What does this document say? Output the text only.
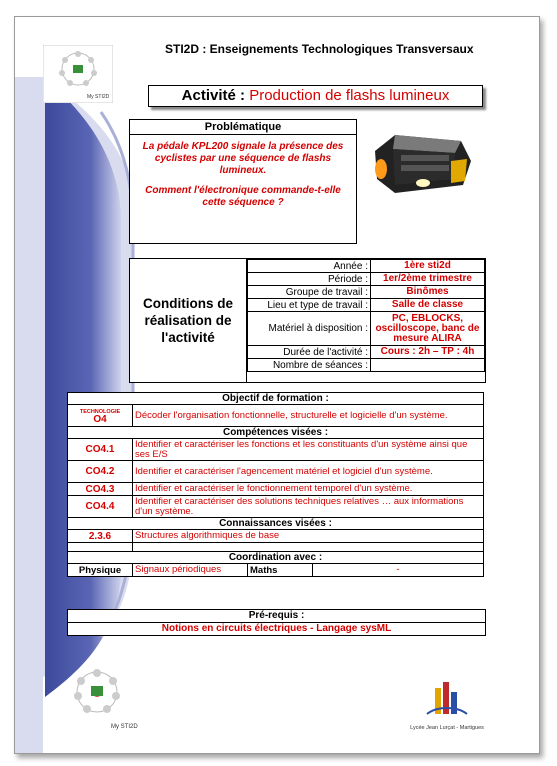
My STI2D
STI2D : Enseignements Technologiques Transversaux
Activité : Production de flashs lumineux
Problématique
La pédale KPL200 signale la présence des cyclistes par une séquence de flashs lumineux.
Comment l'électronique commande-t-elle cette séquence ?
Conditions de réalisation de l'activité
Année :	1ère sti2d
Période :	1er/2ème trimestre
Groupe de travail :	Binômes
Lieu et type de travail :	Salle de classe
Matériel à disposition :	PC, EBLOCKS, oscilloscope, banc de mesure ALIRA
Durée de l'activité :	Cours : 2h – TP : 4h
Nombre de séances :	
Objectif de formation :			

TECHNOLOGIE
O4	Décoder l'organisation fonctionnelle, structurelle et logicielle d'un système.		
Compétences visées :			
CO4.1	Identifier et caractériser les fonctions et les constituants d'un système ainsi que ses E/S		
CO4.2	Identifier et caractériser l'agencement matériel et logiciel d'un système.		
CO4.3	Identifier et caractériser le fonctionnement temporel d'un système.		
CO4.4	Identifier et caractériser des solutions techniques relatives … aux informations d'un système.		
Connaissances visées :			
2.3.6	Structures algorithmiques de base		

Coordination avec :			
Physique	Signaux périodiques	Maths	-
Pré-requis :
Notions en circuits électriques - Langage sysML
My STI2D	Lycée Jean Lurçat - Martigues
